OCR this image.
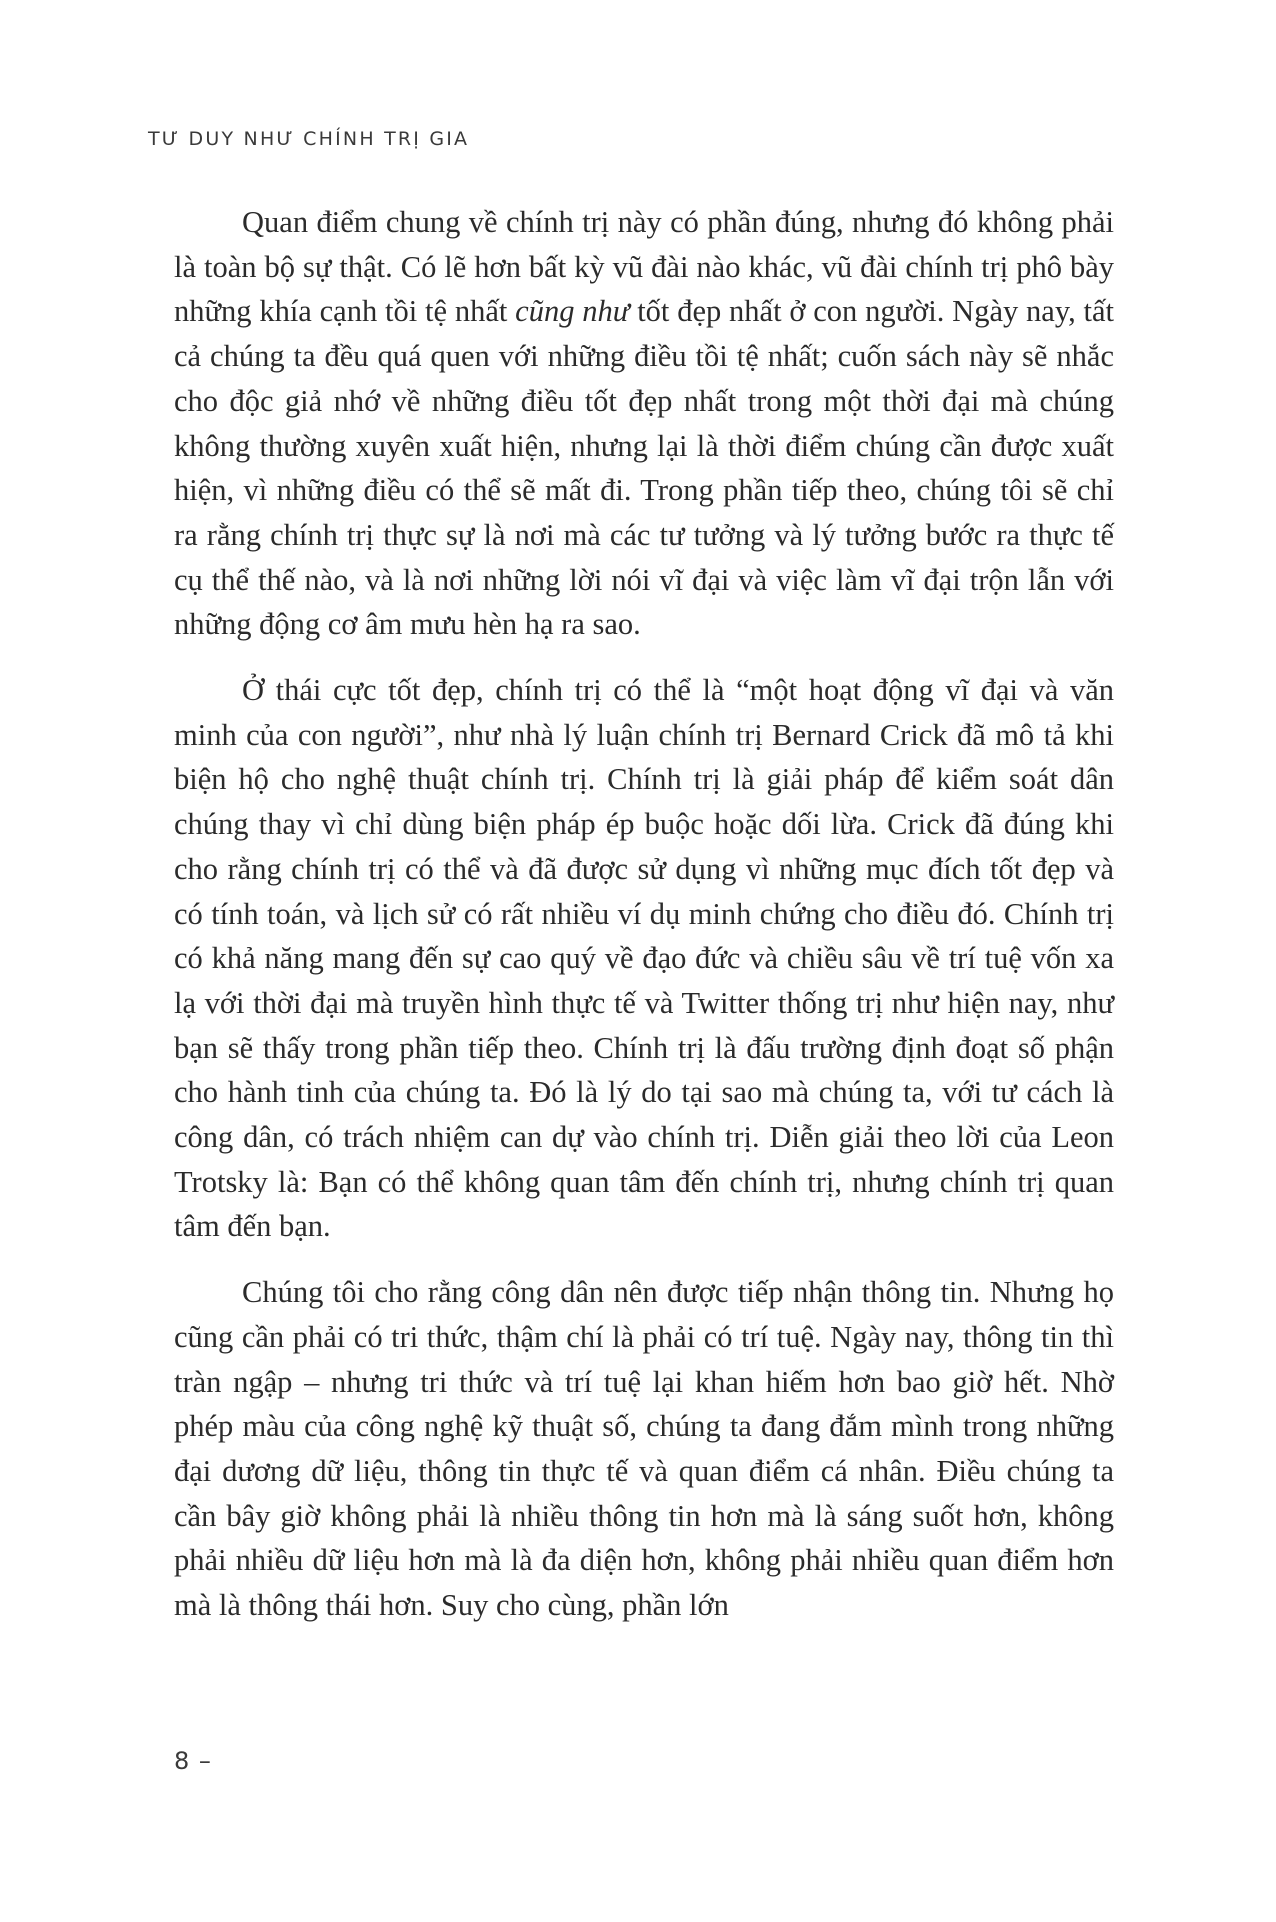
TƯ DUY NHƯ CHÍNH TRỊ GIA

Quan điểm chung về chính trị này có phần đúng, nhưng đó không phải là toàn bộ sự thật. Có lẽ hơn bất kỳ vũ đài nào khác, vũ đài chính trị phô bày những khía cạnh tồi tệ nhất cũng như tốt đẹp nhất ở con người. Ngày nay, tất cả chúng ta đều quá quen với những điều tồi tệ nhất; cuốn sách này sẽ nhắc cho độc giả nhớ về những điều tốt đẹp nhất trong một thời đại mà chúng không thường xuyên xuất hiện, nhưng lại là thời điểm chúng cần được xuất hiện, vì những điều có thể sẽ mất đi. Trong phần tiếp theo, chúng tôi sẽ chỉ ra rằng chính trị thực sự là nơi mà các tư tưởng và lý tưởng bước ra thực tế cụ thể thế nào, và là nơi những lời nói vĩ đại và việc làm vĩ đại trộn lẫn với những động cơ âm mưu hèn hạ ra sao.

Ở thái cực tốt đẹp, chính trị có thể là “một hoạt động vĩ đại và văn minh của con người”, như nhà lý luận chính trị Bernard Crick đã mô tả khi biện hộ cho nghệ thuật chính trị. Chính trị là giải pháp để kiểm soát dân chúng thay vì chỉ dùng biện pháp ép buộc hoặc dối lừa. Crick đã đúng khi cho rằng chính trị có thể và đã được sử dụng vì những mục đích tốt đẹp và có tính toán, và lịch sử có rất nhiều ví dụ minh chứng cho điều đó. Chính trị có khả năng mang đến sự cao quý về đạo đức và chiều sâu về trí tuệ vốn xa lạ với thời đại mà truyền hình thực tế và Twitter thống trị như hiện nay, như bạn sẽ thấy trong phần tiếp theo. Chính trị là đấu trường định đoạt số phận cho hành tinh của chúng ta. Đó là lý do tại sao mà chúng ta, với tư cách là công dân, có trách nhiệm can dự vào chính trị. Diễn giải theo lời của Leon Trotsky là: Bạn có thể không quan tâm đến chính trị, nhưng chính trị quan tâm đến bạn.

Chúng tôi cho rằng công dân nên được tiếp nhận thông tin. Nhưng họ cũng cần phải có tri thức, thậm chí là phải có trí tuệ. Ngày nay, thông tin thì tràn ngập – nhưng tri thức và trí tuệ lại khan hiếm hơn bao giờ hết. Nhờ phép màu của công nghệ kỹ thuật số, chúng ta đang đắm mình trong những đại dương dữ liệu, thông tin thực tế và quan điểm cá nhân. Điều chúng ta cần bây giờ không phải là nhiều thông tin hơn mà là sáng suốt hơn, không phải nhiều dữ liệu hơn mà là đa diện hơn, không phải nhiều quan điểm hơn mà là thông thái hơn. Suy cho cùng, phần lớn

8 –
